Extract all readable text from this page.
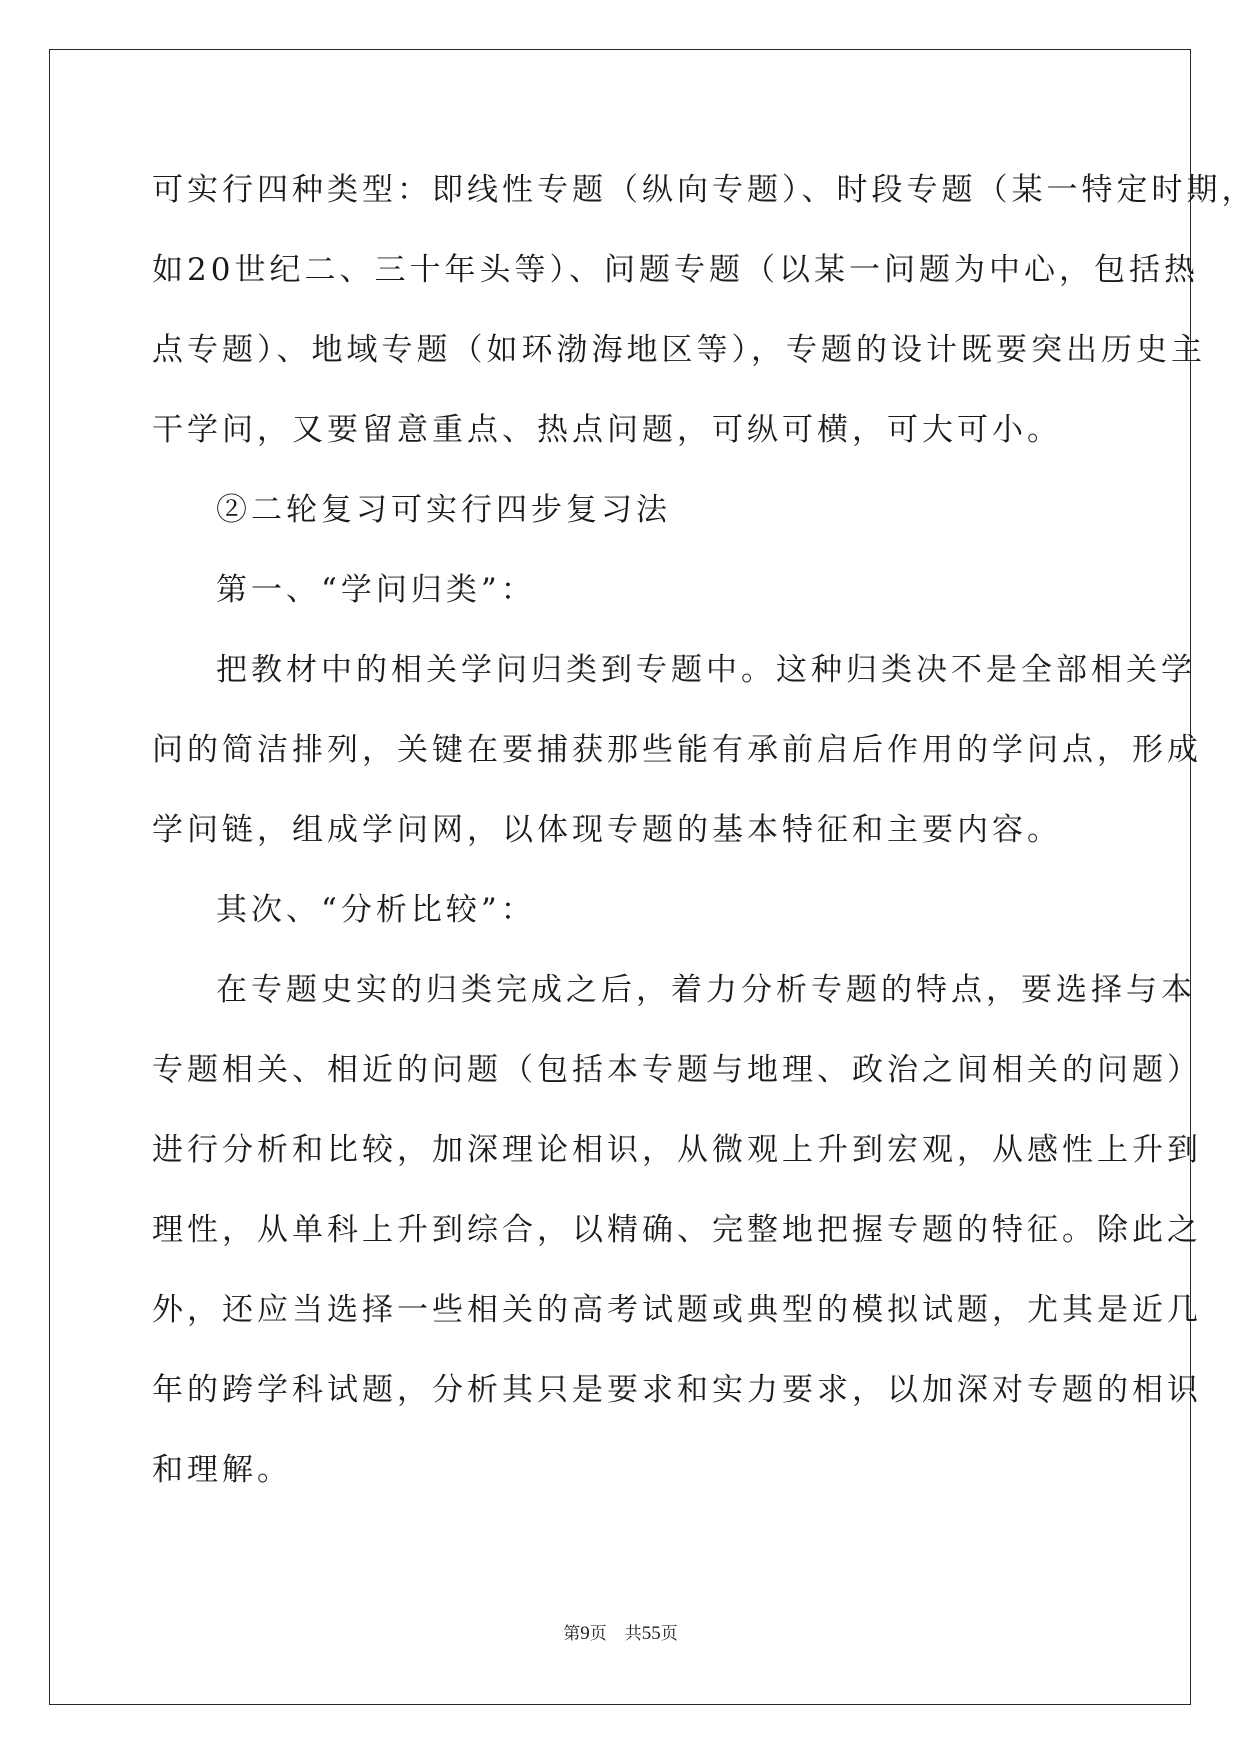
可实行四种类型：即线性专题（纵向专题）、时段专题（某一特定时期，
如20世纪二、三十年头等）、问题专题（以某一问题为中心，包括热
点专题）、地域专题（如环渤海地区等），专题的设计既要突出历史主
干学问，又要留意重点、热点问题，可纵可横，可大可小。
②二轮复习可实行四步复习法
第一、“学问归类”：
把教材中的相关学问归类到专题中。这种归类决不是全部相关学
问的简洁排列，关键在要捕获那些能有承前启后作用的学问点，形成
学问链，组成学问网，以体现专题的基本特征和主要内容。
其次、“分析比较”：
在专题史实的归类完成之后，着力分析专题的特点，要选择与本
专题相关、相近的问题（包括本专题与地理、政治之间相关的问题）
进行分析和比较，加深理论相识，从微观上升到宏观，从感性上升到
理性，从单科上升到综合，以精确、完整地把握专题的特征。除此之
外，还应当选择一些相关的高考试题或典型的模拟试题，尤其是近几
年的跨学科试题，分析其只是要求和实力要求，以加深对专题的相识
和理解。
第9页 共55页
